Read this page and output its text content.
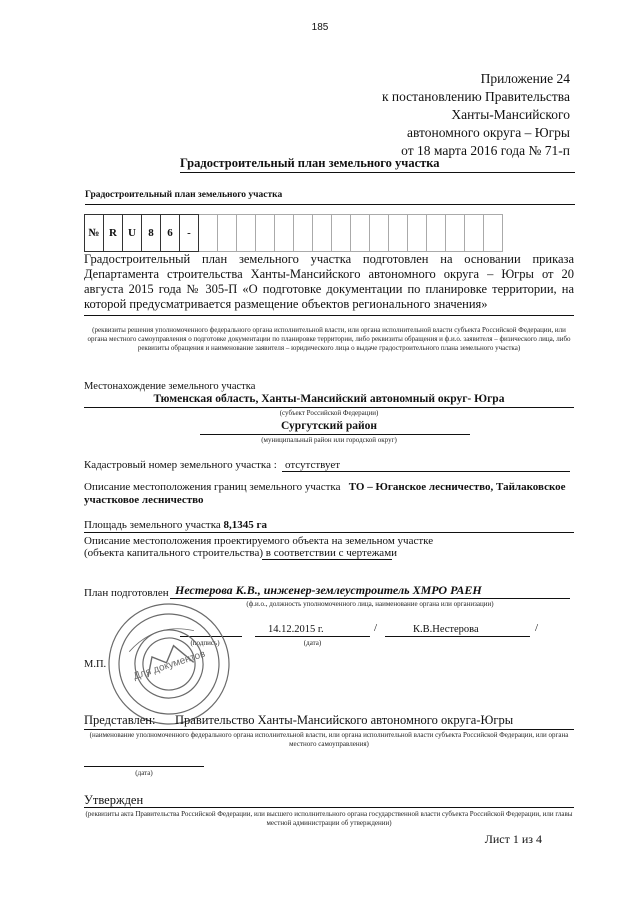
185
Приложение 24
к постановлению Правительства
Ханты-Мансийского
автономного округа – Югры
от 18 марта 2016 года № 71-п
Градостроительный план земельного участка
Градостроительный план земельного участка
№	R	U	8	6	-																
Градостроительный план земельного участка подготовлен на основании приказа Департамента строительства Ханты-Мансийского автономного округа – Югры от 20 августа 2015 года № 305-П «О подготовке документации по планировке территории, на которой предусматривается размещение объектов регионального значения»
(реквизиты решения уполномоченного федерального органа исполнительной власти, или органа исполнительной власти субъекта Российской Федерации, или органа местного самоуправления о подготовке документации по планировке территории, либо реквизиты обращения и ф.и.о. заявителя – физического лица, либо реквизиты обращения и наименование заявителя – юридического лица о выдаче градостроительного плана земельного участка)
Местонахождение земельного участка
Тюменская область, Ханты-Мансийский автономный округ- Югра
(субъект Российской Федерации)
Сургутский район
(муниципальный район или городской округ)
Кадастровый номер земельного участка : отсутствует
Описание местоположения границ земельного участка ТО – Юганское лесничество, Тайлаковское участковое лесничество
Площадь земельного участка 8,1345 га
Описание местоположения проектируемого объекта на земельном участке
(объекта капитального строительства) в соответствии с чертежами
План подготовлен Нестерова К.В., инженер-землеустроитель ХМРО РАЕН
(ф.и.о., должность уполномоченного лица, наименование органа или организации)
(подпись)
14.12.2015 г.
(дата)
/	К.В.Нестерова	/
М.П.	Для документов
Представлен: Правительство Ханты-Мансийского автономного округа-Югры
(наименование уполномоченного федерального органа исполнительной власти, или органа исполнительной власти субъекта Российской Федерации, или органа местного самоуправления)
(дата)
Утвержден
(реквизиты акта Правительства Российской Федерации, или высшего исполнительного органа государственной власти субъекта Российской Федерации, или главы местной администрации об утверждении)
Лист 1 из 4
